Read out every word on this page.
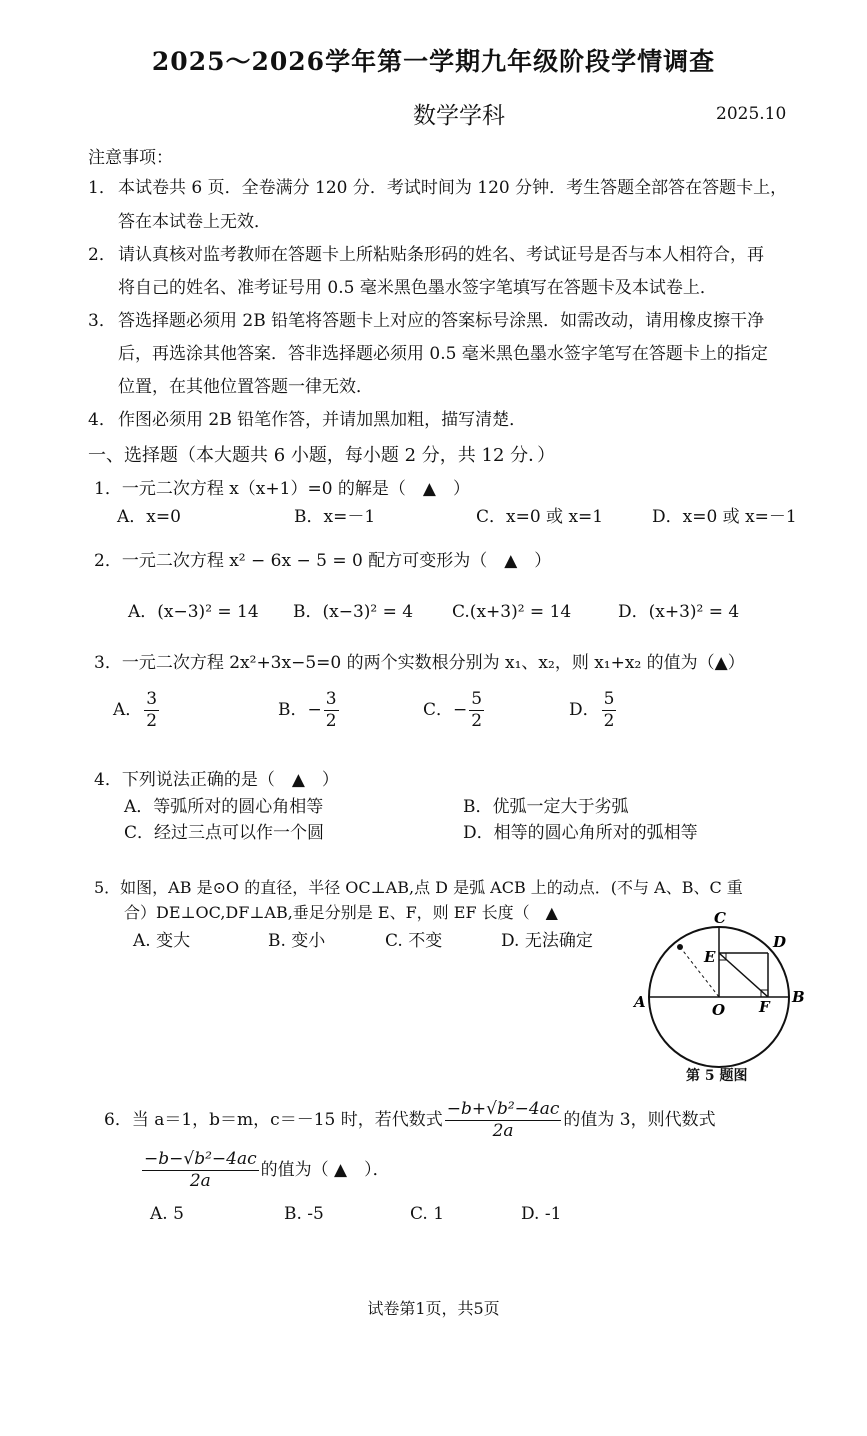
2025～2026学年第一学期九年级阶段学情调查
数学学科	2025.10
注意事项：
1． 本试卷共 6 页．全卷满分 120 分．考试时间为 120 分钟．考生答题全部答在答题卡上，
答在本试卷上无效．
2． 请认真核对监考教师在答题卡上所粘贴条形码的姓名、考试证号是否与本人相符合，再
将自己的姓名、准考证号用 0.5 毫米黑色墨水签字笔填写在答题卡及本试卷上．
3． 答选择题必须用 2B 铅笔将答题卡上对应的答案标号涂黑．如需改动，请用橡皮擦干净
后，再选涂其他答案．答非选择题必须用 0.5 毫米黑色墨水签字笔写在答题卡上的指定
位置，在其他位置答题一律无效．
4． 作图必须用 2B 铅笔作答，并请加黑加粗，描写清楚．
一、选择题（本大题共 6 小题，每小题 2 分，共 12 分．）
1．一元二次方程 x（x+1）=0 的解是（　▲　）
A．x=0	B．x=－1	C．x=0 或 x=1	D．x=0 或 x=－1
2．一元二次方程 x² − 6x − 5 = 0 配方可变形为（　▲　）
A．(x−3)² = 14 B．(x−3)² = 4 C.(x+3)² = 14	D．(x+3)² = 4
3．一元二次方程 2x²+3x−5=0 的两个实数根分别为 x₁、x₂，则 x₁+x₂ 的值为（▲）
A． $\frac{3}{2}$	B． − $\frac{3}{2}$	C． − $\frac{5}{2}$	D． $\frac{5}{2}$
4．下列说法正确的是（　▲　）
A．等弧所对的圆心角相等	B．优弧一定大于劣弧
C．经过三点可以作一个圆	D．相等的圆心角所对的弧相等
5．如图，AB 是⊙O 的直径，半径 OC⊥AB,点 D 是弧 ACB 上的动点．(不与 A、B、C 重
合）DE⊥OC,DF⊥AB,垂足分别是 E、F，则 EF 长度（　▲
A. 变大	B. 变小	C. 不变	D. 无法确定
C
D
E
A	B
O F
第 5 题图
6．当 a＝1，b＝m，c＝－15 时，若代数式 $\frac{\text{−b+√b²−4ac}}{2a}$ 的值为 3，则代数式
$\frac{\text{−b−√b²−4ac}}{2a}$ 的值为（ ▲　）．
A. 5	B. -5	C. 1	D. -1
试卷第1页，共5页
